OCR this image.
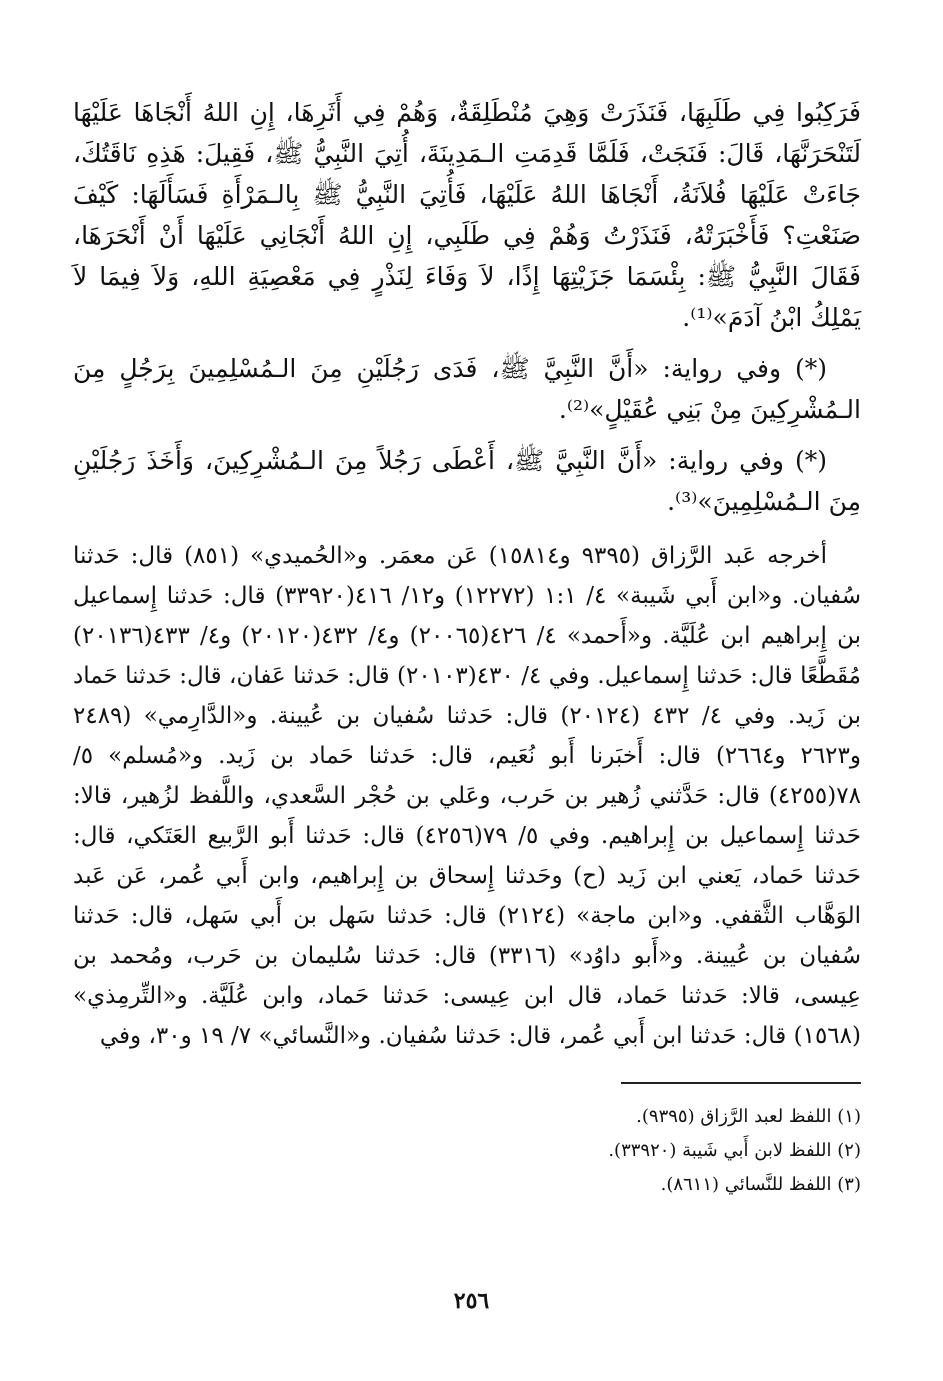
فَرَكِبُوا فِي طَلَبِهَا، فَنَذَرَتْ وَهِيَ مُنْطَلِقَةٌ، وَهُمْ فِي أَثَرِهَا، إِنِ اللهُ أَنْجَاهَا عَلَيْهَا لَتَنْحَرَنَّهَا، قَالَ: فَنَجَتْ، فَلَمَّا قَدِمَتِ الـمَدِينَةَ، أُتِيَ النَّبِيُّ ﷺ، فَقِيلَ: هَذِهِ نَاقَتُكَ، جَاءَتْ عَلَيْهَا فُلاَنَةُ، أَنْجَاهَا اللهُ عَلَيْهَا، فَأُتِيَ النَّبِيُّ ﷺ بِالـمَرْأَةِ فَسَأَلَهَا: كَيْفَ صَنَعْتِ؟ فَأَخْبَرَتْهُ، فَنَذَرْتُ وَهُمْ فِي طَلَبِي، إِنِ اللهُ أَنْجَانِي عَلَيْهَا أَنْ أَنْحَرَهَا، فَقَالَ النَّبِيُّ ﷺ: بِئْسَمَا جَزَيْتِهَا إِذًا، لاَ وَفَاءَ لِنَذْرٍ فِي مَعْصِيَةِ اللهِ، وَلاَ فِيمَا لاَ يَمْلِكُ ابْنُ آدَمَ»⁽¹⁾.

(*) وفي رواية: «أَنَّ النَّبِيَّ ﷺ، فَدَى رَجُلَيْنِ مِنَ الـمُسْلِمِينَ بِرَجُلٍ مِنَ الـمُشْرِكِينَ مِنْ بَنِي عُقَيْلٍ»⁽²⁾.

(*) وفي رواية: «أَنَّ النَّبِيَّ ﷺ، أَعْطَى رَجُلاً مِنَ الـمُشْرِكِينَ، وَأَخَذَ رَجُلَيْنِ مِنَ الـمُسْلِمِينَ»⁽³⁾.

أخرجه عَبد الرَّزاق (٩٣٩٥ و١٥٨١٤) عَن معمَر. و«الحُميدي» (٨٥١) قال: حَدثنا سُفيان. و«ابن أَبي شَيبة» ٤/ ١:١ (١٢٢٧٢) و١٢/ ٤١٦(٣٣٩٢٠) قال: حَدثنا إِسماعيل بن إِبراهيم ابن عُلَيَّة. و«أَحمد» ٤/ ٤٢٦(٢٠٠٦٥) و٤/ ٤٣٢(٢٠١٢٠) و٤/ ٤٣٣(٢٠١٣٦) مُقَطَّعًا قال: حَدثنا إِسماعيل. وفي ٤/ ٤٣٠(٢٠١٠٣) قال: حَدثنا عَفان، قال: حَدثنا حَماد بن زَيد. وفي ٤/ ٤٣٢ (٢٠١٢٤) قال: حَدثنا سُفيان بن عُيينة. و«الدَّارِمي» (٢٤٨٩ و٢٦٢٣ و٢٦٦٤) قال: أَخبَرنا أَبو نُعَيم، قال: حَدثنا حَماد بن زَيد. و«مُسلم» ٥/ ٧٨(٤٢٥٥) قال: حَدَّثني زُهير بن حَرب، وعَلي بن حُجْر السَّعدي، واللَّفظ لزُهير، قالا: حَدثنا إِسماعيل بن إِبراهيم. وفي ٥/ ٧٩(٤٢٥٦) قال: حَدثنا أَبو الرَّبيع العَتَكي، قال: حَدثنا حَماد، يَعني ابن زَيد (ح) وحَدثنا إِسحاق بن إِبراهيم، وابن أَبي عُمر، عَن عَبد الوَهَّاب الثَّقفي. و«ابن ماجة» (٢١٢٤) قال: حَدثنا سَهل بن أَبي سَهل، قال: حَدثنا سُفيان بن عُيينة. و«أَبو داوُد» (٣٣١٦) قال: حَدثنا سُليمان بن حَرب، ومُحمد بن عِيسى، قالا: حَدثنا حَماد، قال ابن عِيسى: حَدثنا حَماد، وابن عُلَيَّة. و«التِّرمِذي» (١٥٦٨) قال: حَدثنا ابن أَبي عُمر، قال: حَدثنا سُفيان. و«النَّسائي» ٧/ ١٩ و٣٠، وفي

(١) اللفظ لعبد الرَّزاق (٩٣٩٥).

(٢) اللفظ لابن أَبي شَيبة (٣٣٩٢٠).

(٣) اللفظ للنَّسائي (٨٦١١).

٢٥٦
